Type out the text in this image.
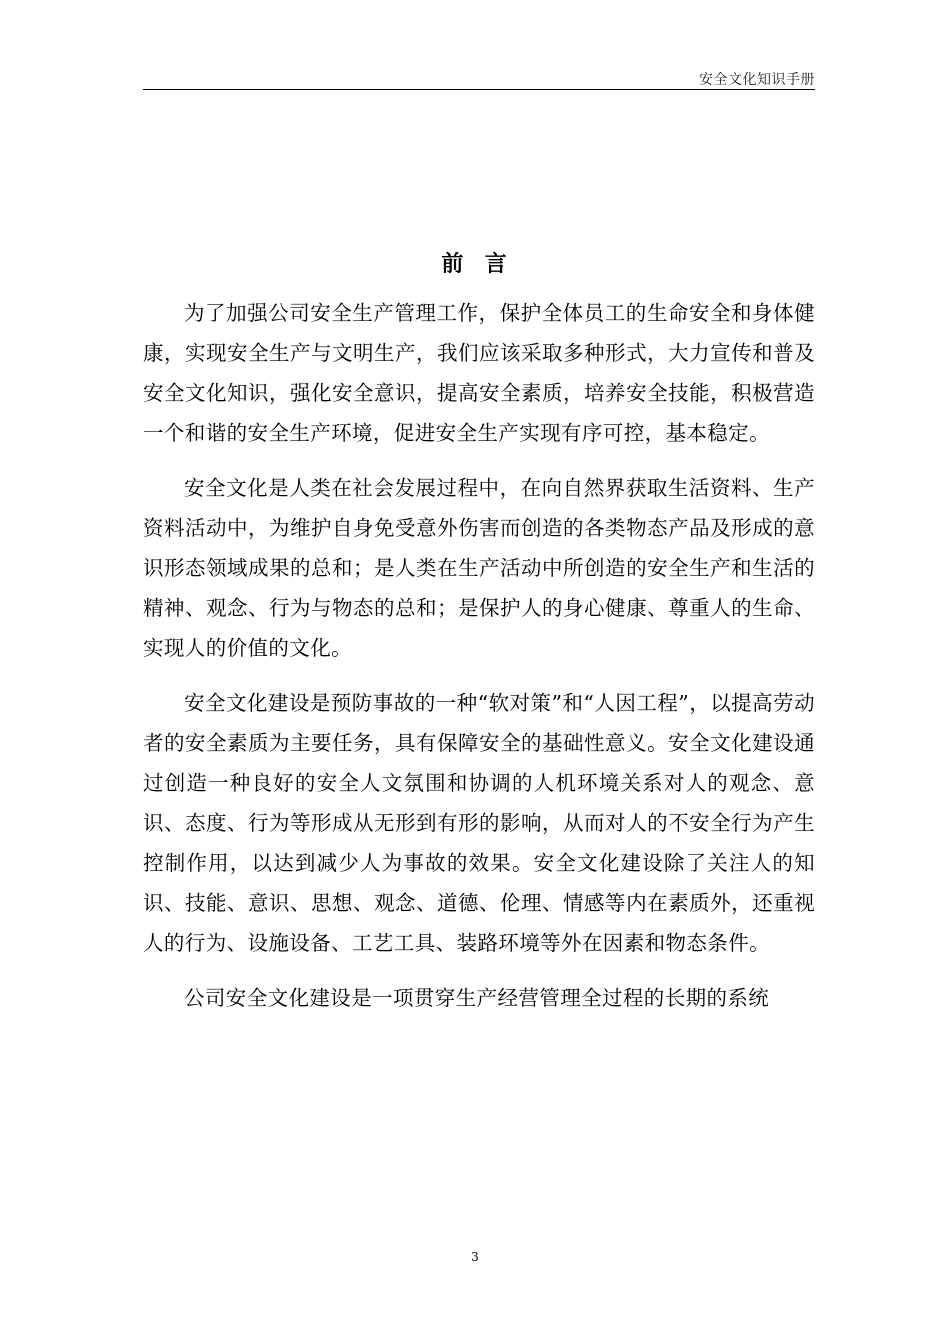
安全文化知识手册
前  言

为了加强公司安全生产管理工作，保护全体员工的生命安全和身体健康，实现安全生产与文明生产，我们应该采取多种形式，大力宣传和普及安全文化知识，强化安全意识，提高安全素质，培养安全技能，积极营造一个和谐的安全生产环境，促进安全生产实现有序可控，基本稳定。

安全文化是人类在社会发展过程中，在向自然界获取生活资料、生产资料活动中，为维护自身免受意外伤害而创造的各类物态产品及形成的意识形态领域成果的总和；是人类在生产活动中所创造的安全生产和生活的精神、观念、行为与物态的总和；是保护人的身心健康、尊重人的生命、实现人的价值的文化。

安全文化建设是预防事故的一种“软对策”和“人因工程”，以提高劳动者的安全素质为主要任务，具有保障安全的基础性意义。安全文化建设通过创造一种良好的安全人文氛围和协调的人机环境关系对人的观念、意识、态度、行为等形成从无形到有形的影响，从而对人的不安全行为产生控制作用，以达到减少人为事故的效果。安全文化建设除了关注人的知识、技能、意识、思想、观念、道德、伦理、情感等内在素质外，还重视人的行为、设施设备、工艺工具、装路环境等外在因素和物态条件。

公司安全文化建设是一项贯穿生产经营管理全过程的长期的系统

3
